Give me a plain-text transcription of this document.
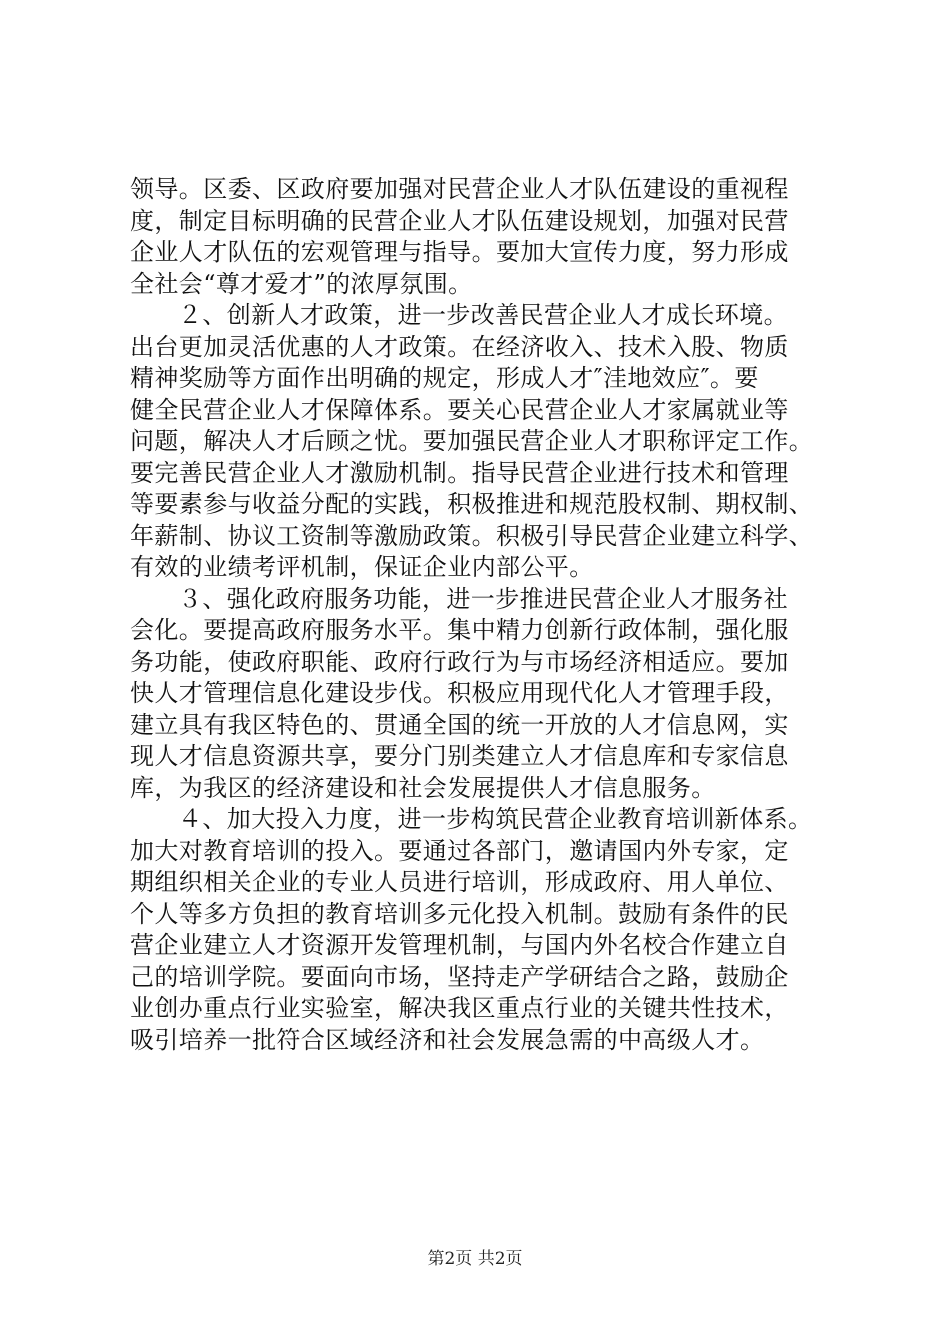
领导。区委、区政府要加强对民营企业人才队伍建设的重视程
度，制定目标明确的民营企业人才队伍建设规划，加强对民营
企业人才队伍的宏观管理与指导。要加大宣传力度，努力形成
全社会“尊才爱才”的浓厚氛围。
２、创新人才政策，进一步改善民营企业人才成长环境。
出台更加灵活优惠的人才政策。在经济收入、技术入股、物质
精神奖励等方面作出明确的规定，形成人才″洼地效应″。要
健全民营企业人才保障体系。要关心民营企业人才家属就业等
问题，解决人才后顾之忧。要加强民营企业人才职称评定工作。
要完善民营企业人才激励机制。指导民营企业进行技术和管理
等要素参与收益分配的实践，积极推进和规范股权制、期权制、
年薪制、协议工资制等激励政策。积极引导民营企业建立科学、
有效的业绩考评机制，保证企业内部公平。
３、强化政府服务功能，进一步推进民营企业人才服务社
会化。要提高政府服务水平。集中精力创新行政体制，强化服
务功能，使政府职能、政府行政行为与市场经济相适应。要加
快人才管理信息化建设步伐。积极应用现代化人才管理手段，
建立具有我区特色的、贯通全国的统一开放的人才信息网，实
现人才信息资源共享，要分门别类建立人才信息库和专家信息
库，为我区的经济建设和社会发展提供人才信息服务。
４、加大投入力度，进一步构筑民营企业教育培训新体系。
加大对教育培训的投入。要通过各部门，邀请国内外专家，定
期组织相关企业的专业人员进行培训，形成政府、用人单位、
个人等多方负担的教育培训多元化投入机制。鼓励有条件的民
营企业建立人才资源开发管理机制，与国内外名校合作建立自
己的培训学院。要面向市场，坚持走产学研结合之路，鼓励企
业创办重点行业实验室，解决我区重点行业的关键共性技术，
吸引培养一批符合区域经济和社会发展急需的中高级人才。
第2页 共2页
